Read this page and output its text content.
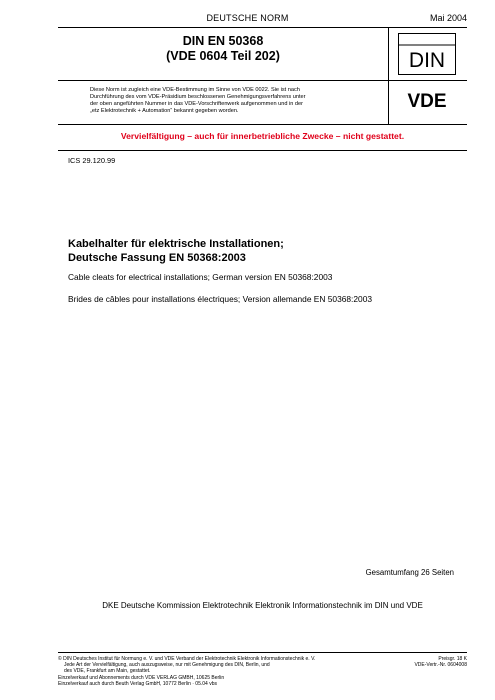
DEUTSCHE NORM	Mai 2004
DIN EN 50368
(VDE 0604 Teil 202)	DIN
Diese Norm ist zugleich eine VDE-Bestimmung im Sinne von VDE 0022. Sie ist nach
Durchführung des vom VDE-Präsidium beschlossenen Genehmigungsverfahrens unter
der oben angeführten Nummer in das VDE-Vorschriftenwerk aufgenommen und in der
„etz Elektrotechnik + Automation“ bekannt gegeben worden.	VDE
Vervielfältigung – auch für innerbetriebliche Zwecke – nicht gestattet.
ICS 29.120.99
Kabelhalter für elektrische Installationen;
Deutsche Fassung EN 50368:2003
Cable cleats for electrical installations; German version EN 50368:2003
Brides de câbles pour installations électriques; Version allemande EN 50368:2003
Gesamtumfang 26 Seiten
DKE Deutsche Kommission Elektrotechnik Elektronik Informationstechnik im DIN und VDE
© DIN Deutsches Institut für Normung e. V. und VDE Verband der Elektrotechnik Elektronik Informationstechnik e. V.
Jede Art der Vervielfältigung, auch auszugsweise, nur mit Genehmigung des DIN, Berlin, und
des VDE, Frankfurt am Main, gestattet.
Einzelverkauf und Abonnements durch VDE VERLAG GMBH, 10625 Berlin
Einzelverkauf auch durch Beuth Verlag GmbH, 10772 Berlin · 05.04 vbs
Preisgr. 18 K
VDE-Vertr.-Nr. 0604008
